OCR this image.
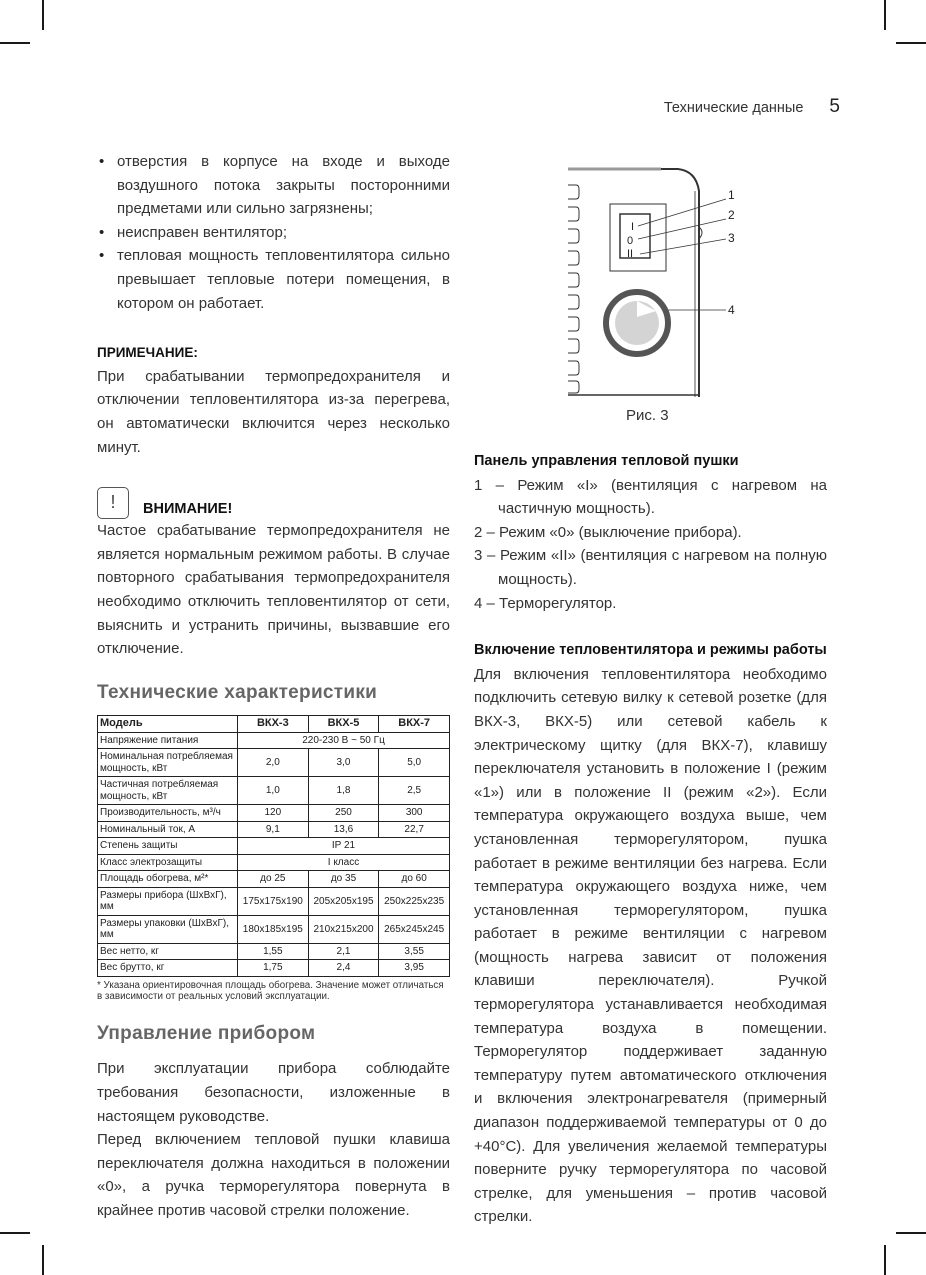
Технические данные 5
• отверстия в корпусе на входе и выходе воздушного потока закрыты посторонними предметами или сильно загрязнены;
• неисправен вентилятор;
• тепловая мощность тепловентилятора сильно превышает тепловые потери помещения, в котором он работает.
ПРИМЕЧАНИЕ:
При срабатывании термопредохранителя и отключении тепловентилятора из-за перегрева, он автоматически включится через несколько минут.
!	ВНИМАНИЕ!
Частое срабатывание термопредохранителя не является нормальным режимом работы. В случае повторного срабатывания термопредохранителя необходимо отключить тепловентилятор от сети, выяснить и устранить причины, вызвавшие его отключение.
Технические характеристики
Модель	ВКХ-3	ВКХ-5	ВКХ-7
Напряжение питания	220-230 В ~ 50 Гц		
Номинальная потребляемая мощность, кВт	2,0	3,0	5,0
Частичная потребляемая мощность, кВт	1,0	1,8	2,5
Производительность, м³/ч	120	250	300
Номинальный ток, А	9,1	13,6	22,7
Степень защиты	IP 21		
Класс электрозащиты	I класс		
Площадь обогрева, м²*	до 25	до 35	до 60
Размеры прибора (ШхВхГ), мм	175x175x190	205x205x195	250x225x235
Размеры упаковки (ШхВхГ), мм	180x185x195	210x215x200	265x245x245
Вес нетто, кг	1,55	2,1	3,55
Вес брутто, кг	1,75	2,4	3,95
* Указана ориентировочная площадь обогрева. Значение может отличаться в зависимости от реальных условий эксплуатации.
Управление прибором
При эксплуатации прибора соблюдайте требования безопасности, изложенные в настоящем руководстве.
Перед включением тепловой пушки клавиша переключателя должна находиться в положении «0», а ручка терморегулятора повернута в крайнее против часовой стрелки положение.
I
0
II
1
2
3
4
Рис. 3
Панель управления тепловой пушки
1 – Режим «I» (вентиляция с нагревом на частичную мощность).
2 – Режим «0» (выключение прибора).
3 – Режим «II» (вентиляция с нагревом на полную мощность).
4 – Терморегулятор.
Включение тепловентилятора и режимы работы
Для включения тепловентилятора необходимо подключить сетевую вилку к сетевой розетке (для ВКХ-3, ВКХ-5) или сетевой кабель к электрическому щитку (для ВКХ-7), клавишу переключателя установить в положение I (режим «1») или в положение II (режим «2»). Если температура окружающего воздуха выше, чем установленная терморегулятором, пушка работает в режиме вентиляции без нагрева. Если температура окружающего воздуха ниже, чем установленная терморегулятором, пушка работает в режиме вентиляции с нагревом (мощность нагрева зависит от положения клавиши переключателя). Ручкой терморегулятора устанавливается необходимая температура воздуха в помещении. Терморегулятор поддерживает заданную температуру путем автоматического отключения и включения электронагревателя (примерный диапазон поддерживаемой температуры от 0 до +40°С). Для увеличения желаемой температуры поверните ручку терморегулятора по часовой стрелке, для уменьшения – против часовой стрелки.
